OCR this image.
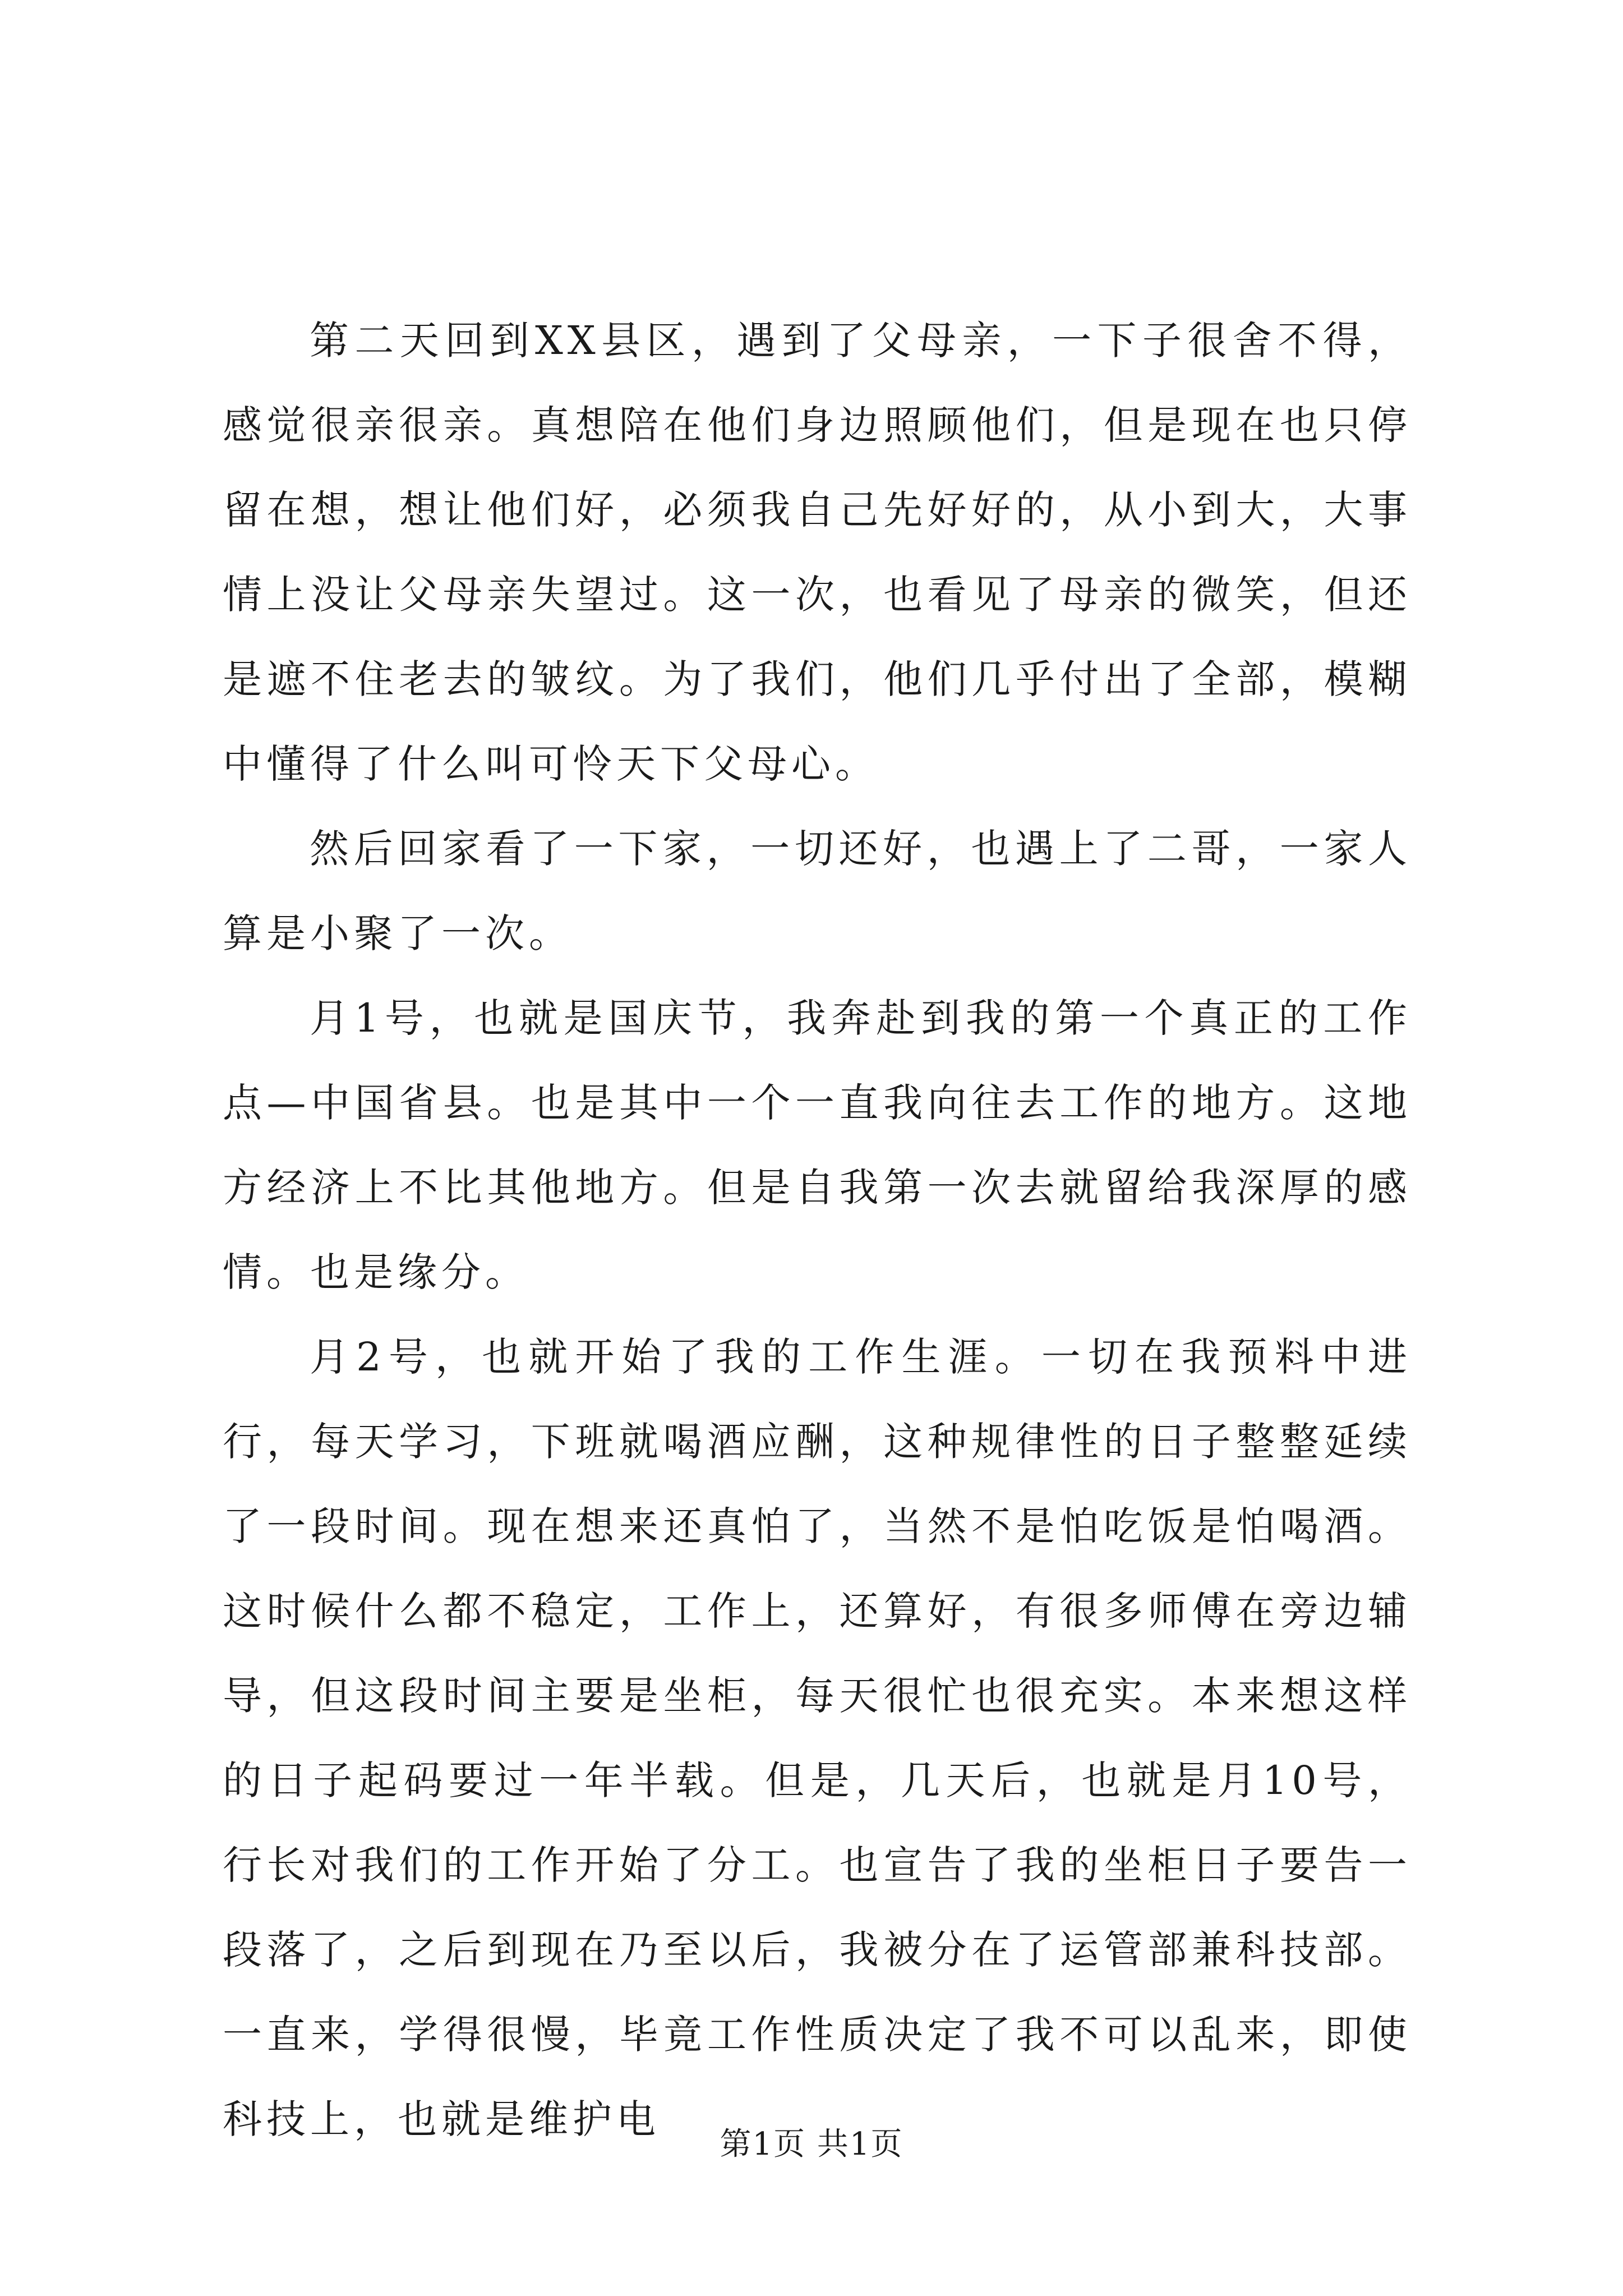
第二天回到XX县区，遇到了父母亲，一下子很舍不得，感觉很亲很亲。真想陪在他们身边照顾他们，但是现在也只停留在想，想让他们好，必须我自己先好好的，从小到大，大事情上没让父母亲失望过。这一次，也看见了母亲的微笑，但还是遮不住老去的皱纹。为了我们，他们几乎付出了全部，模糊中懂得了什么叫可怜天下父母心。

然后回家看了一下家，一切还好，也遇上了二哥，一家人算是小聚了一次。

月1号，也就是国庆节，我奔赴到我的第一个真正的工作点—中国省县。也是其中一个一直我向往去工作的地方。这地方经济上不比其他地方。但是自我第一次去就留给我深厚的感情。也是缘分。

月2号，也就开始了我的工作生涯。一切在我预料中进行，每天学习，下班就喝酒应酬，这种规律性的日子整整延续了一段时间。现在想来还真怕了，当然不是怕吃饭是怕喝酒。这时候什么都不稳定，工作上，还算好，有很多师傅在旁边辅导，但这段时间主要是坐柜，每天很忙也很充实。本来想这样的日子起码要过一年半载。但是，几天后，也就是月10号，行长对我们的工作开始了分工。也宣告了我的坐柜日子要告一段落了，之后到现在乃至以后，我被分在了运管部兼科技部。一直来，学得很慢，毕竟工作性质决定了我不可以乱来，即使科技上，也就是维护电

第1页 共1页
